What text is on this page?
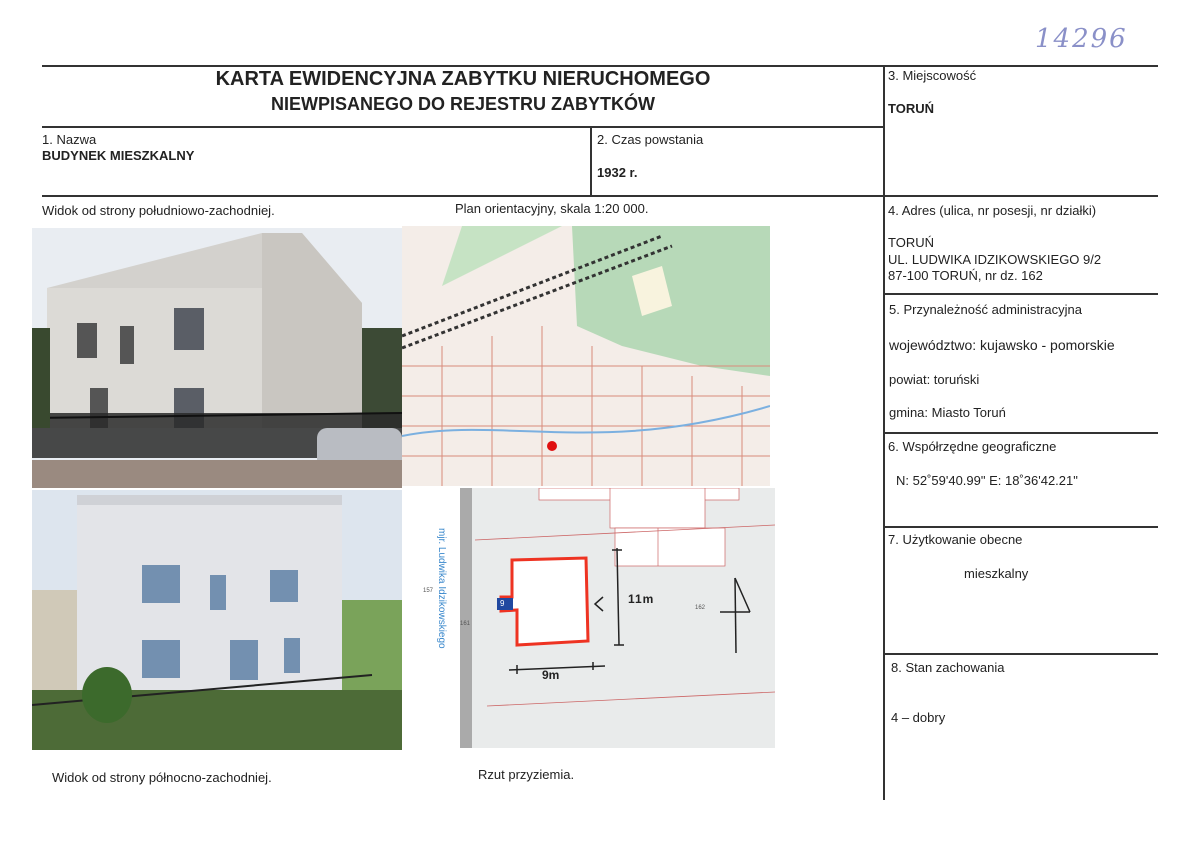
14296
KARTA EWIDENCYJNA ZABYTKU NIERUCHOMEGO
NIEWPISANEGO DO REJESTRU ZABYTKÓW
1. Nazwa
BUDYNEK MIESZKALNY
2. Czas powstania
1932 r.
3. Miejscowość
TORUŃ
4. Adres (ulica, nr posesji, nr działki)
TORUŃ
UL. LUDWIKA IDZIKOWSKIEGO 9/2
87-100 TORUŃ, nr dz. 162
5. Przynależność administracyjna
województwo: kujawsko - pomorskie
powiat: toruński
gmina: Miasto Toruń
6. Współrzędne geograficzne
N: 52˚59'40.99" E: 18˚36'42.21"
7. Użytkowanie obecne
mieszkalny
8. Stan zachowania
4 – dobry
Widok od strony południowo-zachodniej.	Plan orientacyjny, skala 1:20 000.
Widok od strony północno-zachodniej.	Rzut przyziemia.
mjr. Ludwika Idzikowskiego	9	11m
9m
162
157
161
